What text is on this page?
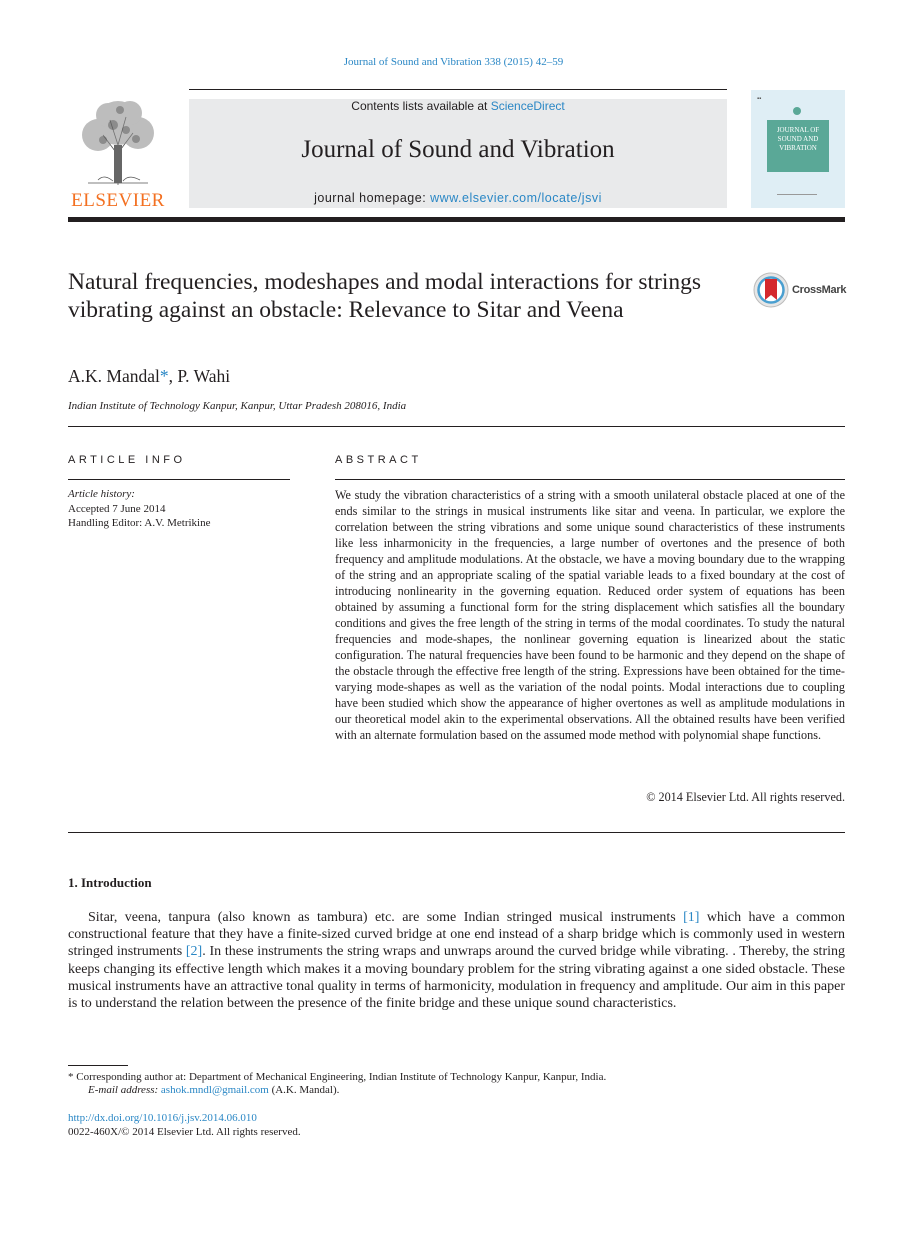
Journal of Sound and Vibration 338 (2015) 42–59
ELSEVIER
Contents lists available at ScienceDirect
Journal of Sound and Vibration
journal homepage: www.elsevier.com/locate/jsvi
▪▪
JOURNAL OF SOUND AND VIBRATION
Natural frequencies, modeshapes and modal interactions for strings vibrating against an obstacle: Relevance to Sitar and Veena
CrossMark
A.K. Mandal*, P. Wahi
Indian Institute of Technology Kanpur, Kanpur, Uttar Pradesh 208016, India
ARTICLE INFO
Article history:
Accepted 7 June 2014
Handling Editor: A.V. Metrikine
ABSTRACT
We study the vibration characteristics of a string with a smooth unilateral obstacle placed at one of the ends similar to the strings in musical instruments like sitar and veena. In particular, we explore the correlation between the string vibrations and some unique sound characteristics of these instruments like less inharmonicity in the frequencies, a large number of overtones and the presence of both frequency and amplitude modulations. At the obstacle, we have a moving boundary due to the wrapping of the string and an appropriate scaling of the spatial variable leads to a fixed boundary at the cost of introducing nonlinearity in the governing equation. Reduced order system of equations has been obtained by assuming a functional form for the string displacement which satisfies all the boundary conditions and gives the free length of the string in terms of the modal coordinates. To study the natural frequencies and mode-shapes, the nonlinear governing equation is linearized about the static configuration. The natural frequencies have been found to be harmonic and they depend on the shape of the obstacle through the effective free length of the string. Expressions have been obtained for the time-varying mode-shapes as well as the variation of the nodal points. Modal interactions due to coupling have been studied which show the appearance of higher overtones as well as amplitude modulations in our theoretical model akin to the experimental observations. All the obtained results have been verified with an alternate formulation based on the assumed mode method with polynomial shape functions.
© 2014 Elsevier Ltd. All rights reserved.
1. Introduction
Sitar, veena, tanpura (also known as tambura) etc. are some Indian stringed musical instruments [1] which have a common constructional feature that they have a finite-sized curved bridge at one end instead of a sharp bridge which is commonly used in western stringed instruments [2]. In these instruments the string wraps and unwraps around the curved bridge while vibrating. . Thereby, the string keeps changing its effective length which makes it a moving boundary problem for the string vibrating against a one sided obstacle. These musical instruments have an attractive tonal quality in terms of harmonicity, modulation in frequency and amplitude. Our aim in this paper is to understand the relation between the presence of the finite bridge and these unique sound characteristics.
* Corresponding author at: Department of Mechanical Engineering, Indian Institute of Technology Kanpur, Kanpur, India.
E-mail address: ashok.mndl@gmail.com (A.K. Mandal).
http://dx.doi.org/10.1016/j.jsv.2014.06.010
0022-460X/© 2014 Elsevier Ltd. All rights reserved.
